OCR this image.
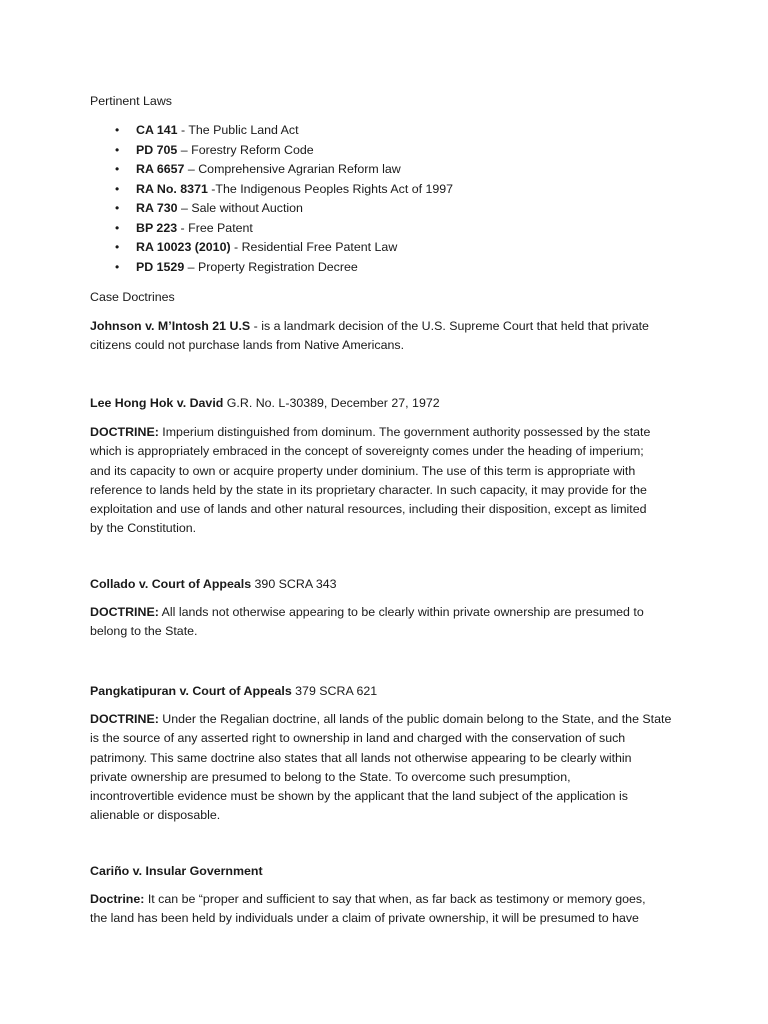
Pertinent Laws
• CA 141 - The Public Land Act
• PD 705 – Forestry Reform Code
• RA 6657 – Comprehensive Agrarian Reform law
• RA No. 8371 -The Indigenous Peoples Rights Act of 1997
• RA 730 – Sale without Auction
• BP 223 - Free Patent
• RA 10023 (2010) - Residential Free Patent Law
• PD 1529 – Property Registration Decree
Case Doctrines
Johnson v. M’Intosh 21 U.S - is a landmark decision of the U.S. Supreme Court that held that private
citizens could not purchase lands from Native Americans.
Lee Hong Hok v. David G.R. No. L-30389, December 27, 1972
DOCTRINE: Imperium distinguished from dominum. The government authority possessed by the state
which is appropriately embraced in the concept of sovereignty comes under the heading of imperium;
and its capacity to own or acquire property under dominium. The use of this term is appropriate with
reference to lands held by the state in its proprietary character. In such capacity, it may provide for the
exploitation and use of lands and other natural resources, including their disposition, except as limited
by the Constitution.
Collado v. Court of Appeals 390 SCRA 343
DOCTRINE: All lands not otherwise appearing to be clearly within private ownership are presumed to
belong to the State.
Pangkatipuran v. Court of Appeals 379 SCRA 621
DOCTRINE: Under the Regalian doctrine, all lands of the public domain belong to the State, and the State
is the source of any asserted right to ownership in land and charged with the conservation of such
patrimony. This same doctrine also states that all lands not otherwise appearing to be clearly within
private ownership are presumed to belong to the State. To overcome such presumption,
incontrovertible evidence must be shown by the applicant that the land subject of the application is
alienable or disposable.
Cariño v. Insular Government
Doctrine: It can be “proper and sufficient to say that when, as far back as testimony or memory goes,
the land has been held by individuals under a claim of private ownership, it will be presumed to have
